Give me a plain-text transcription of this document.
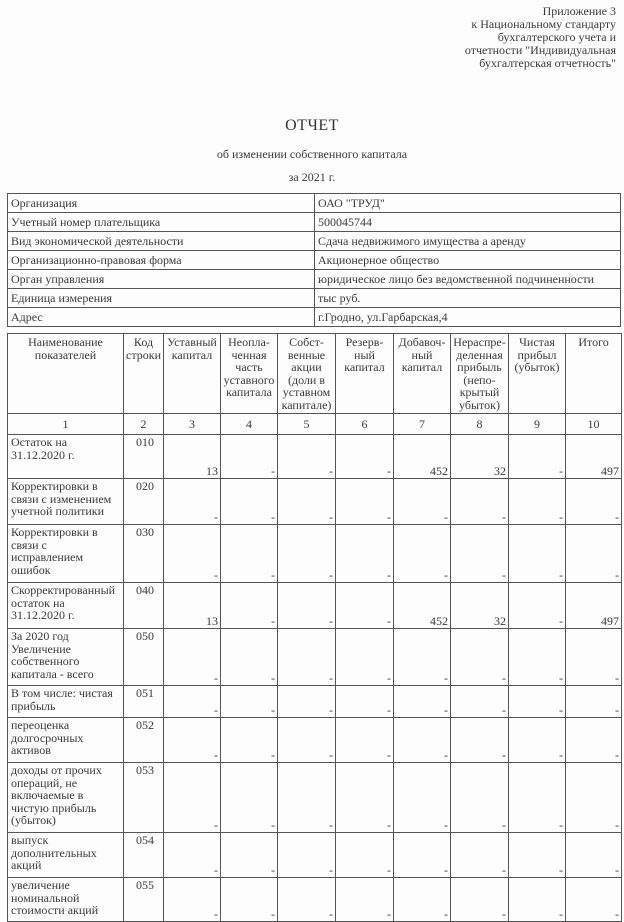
Приложение 3
к Национальному стандарту
бухгалтерского учета и
отчетности "Индивидуальная
бухгалтерская отчетность"
ОТЧЕТ
об изменении собственного капитала
за 2021 г.
Организация	ОАО "ТРУД"
Учетный номер плательщика	500045744
Вид экономической деятельности	Сдача недвижимого имущества а аренду
Организационно-правовая форма	Акционерное общество
Орган управления	юридическое лицо без ведомственной подчиненности
Единица измерения	тыс руб.
Адрес	г.Гродно, ул.Гарбарская,4
Наименование показателей	Код строки	Уставный капитал	Неопла-ченная часть уставного капитала	Собст-венные акции (доли в уставном капитале)	Резерв-ный капитал	Добавоч-ный капитал	Нераспре-деленная прибыль (непо-крытый убыток)	Чистая прибыл (убыток)	Итого
1	2	3	4	5	6	7	8	9	10
Остаток на 31.12.2020 г.	010	13	-	-	-	452	32	-	497
Корректировки в связи с изменением учетной политики	020	-	-	-	-	-	-	-	-
Корректировки в связи с исправлением ошибок	030	-	-	-	-	-	-	-	-
Скорректированный остаток на 31.12.2020 г.	040	13	-	-	-	452	32	-	497
За 2020 год Увеличение собственного капитала - всего	050	-	-	-	-	-	-	-	-
В том числе: чистая прибыль	051	-	-	-	-	-	-	-	-
переоценка долгосрочных активов	052	-	-	-	-	-	-	-	-
доходы от прочих операций, не включаемые в чистую прибыль (убыток)	053	-	-	-	-	-	-	-	-
выпуск дополнительных акций	054	-	-	-	-	-	-	-	-
увеличение номинальной стоимости акций	055	-	-	-	-	-	-	-	-
